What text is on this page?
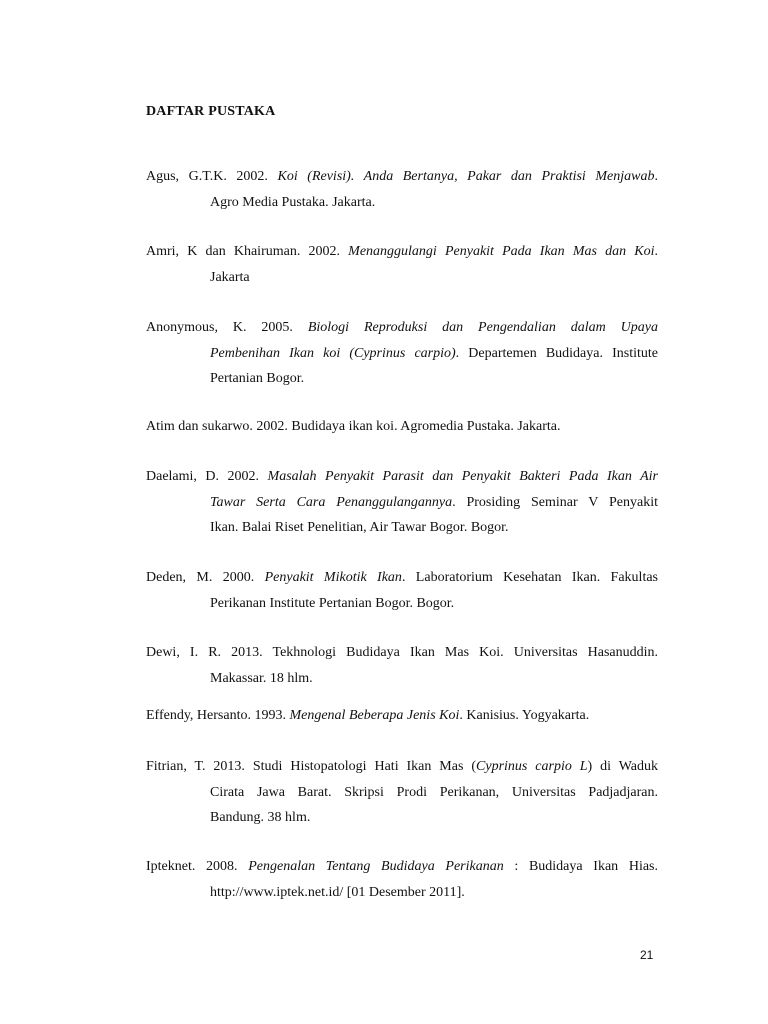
DAFTAR PUSTAKA
Agus, G.T.K. 2002. Koi (Revisi). Anda Bertanya, Pakar dan Praktisi Menjawab.
Agro Media Pustaka. Jakarta.
Amri, K dan Khairuman. 2002. Menanggulangi Penyakit Pada Ikan Mas dan Koi.
Jakarta
Anonymous, K. 2005. Biologi Reproduksi dan Pengendalian dalam Upaya
Pembenihan Ikan koi (Cyprinus carpio). Departemen Budidaya. Institute
Pertanian Bogor.
Atim dan sukarwo. 2002. Budidaya ikan koi. Agromedia Pustaka. Jakarta.
Daelami, D. 2002. Masalah Penyakit Parasit dan Penyakit Bakteri Pada Ikan Air
Tawar Serta Cara Penanggulangannya. Prosiding Seminar V Penyakit
Ikan. Balai Riset Penelitian, Air Tawar Bogor. Bogor.
Deden, M. 2000. Penyakit Mikotik Ikan. Laboratorium Kesehatan Ikan. Fakultas
Perikanan Institute Pertanian Bogor. Bogor.
Dewi, I. R. 2013. Tekhnologi Budidaya Ikan Mas Koi. Universitas Hasanuddin.
Makassar. 18 hlm.
Effendy, Hersanto. 1993. Mengenal Beberapa Jenis Koi. Kanisius. Yogyakarta.
Fitrian, T. 2013. Studi Histopatologi Hati Ikan Mas (Cyprinus carpio L) di Waduk
Cirata Jawa Barat. Skripsi Prodi Perikanan, Universitas Padjadjaran.
Bandung. 38 hlm.
Ipteknet. 2008. Pengenalan Tentang Budidaya Perikanan : Budidaya Ikan Hias.
http://www.iptek.net.id/ [01 Desember 2011].
21
